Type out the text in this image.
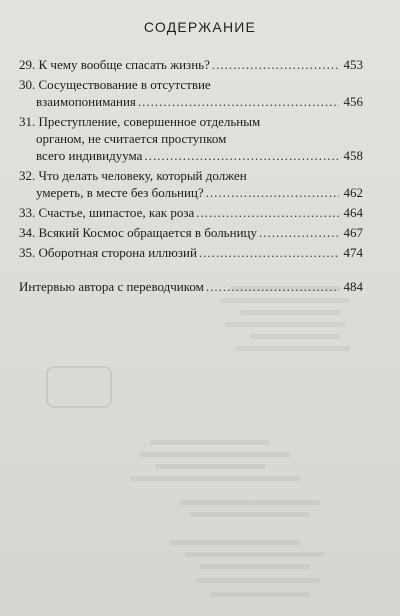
СОДЕРЖАНИЕ
29. К чему вообще спасать жизнь? .....	453
30. Сосуществование в отсутствие
взаимопонимания .....	456
31. Преступление, совершенное отдельным
органом, не считается проступком
всего индивидуума .....	458
32. Что делать человеку, который должен
умереть, в месте без больниц? .....	462
33. Счастье, шипастое, как роза .....	464
34. Всякий Космос обращается в больницу .....	467
35. Оборотная сторона иллюзий .....	474
Интервью автора с переводчиком .....	484
